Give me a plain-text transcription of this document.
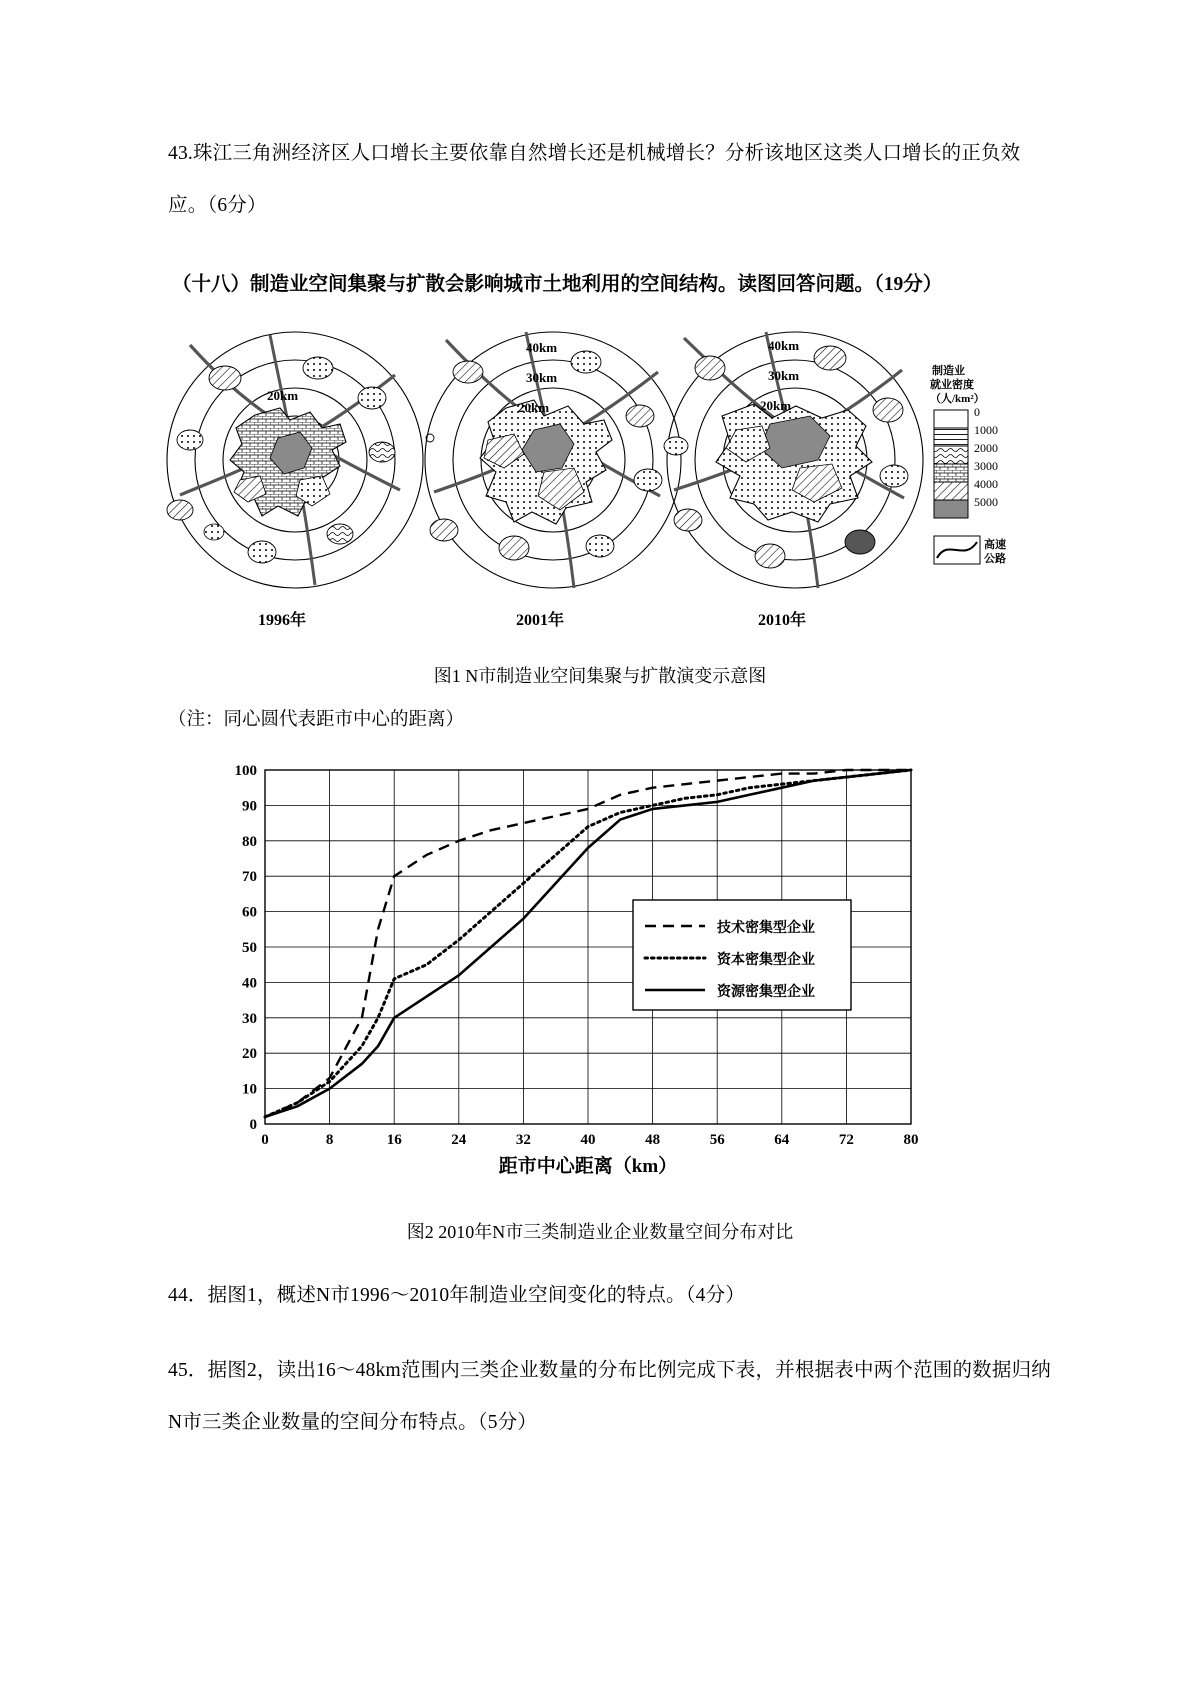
43.珠江三角洲经济区人口增长主要依靠自然增长还是机械增长？分析该地区这类人口增长的正负效应。（6分）
（十八）制造业空间集聚与扩散会影响城市土地利用的空间结构。读图回答问题。（19分）
20km
1996年
40km
30km
20km
2001年
40km
30km
20km
2010年
制造业
就业密度
（人/km²）
0
1000
2000
3000
4000
5000
高速
公路
图1 N市制造业空间集聚与扩散演变示意图
（注：同心圆代表距市中心的距离）
0	8	16	24	32	40	48	56	64	72	80
0
10
20
30
40
50
60
70
80
90
100
距市中心距离（km）
技术密集型企业
资本密集型企业
资源密集型企业
图2 2010年N市三类制造业企业数量空间分布对比
44．据图1，概述N市1996～2010年制造业空间变化的特点。（4分）
45．据图2，读出16～48km范围内三类企业数量的分布比例完成下表，并根据表中两个范围的数据归纳N市三类企业数量的空间分布特点。（5分）
